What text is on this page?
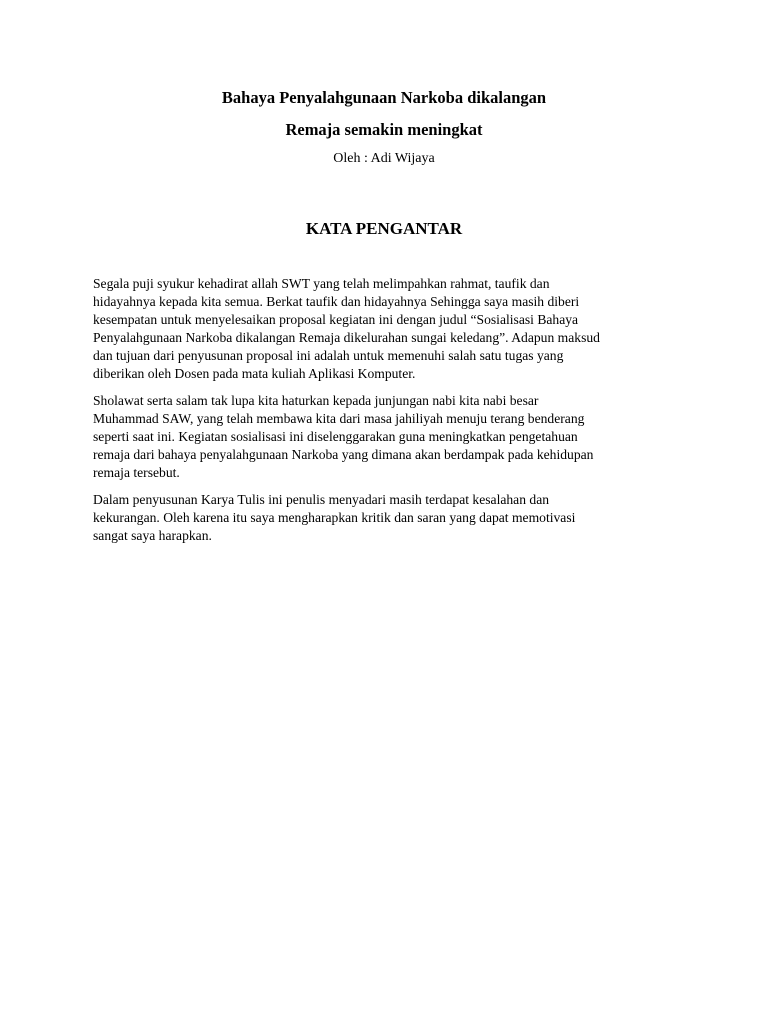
Bahaya Penyalahgunaan Narkoba dikalangan
Remaja semakin meningkat
Oleh : Adi Wijaya
KATA PENGANTAR

Segala puji syukur kehadirat allah SWT yang telah melimpahkan rahmat, taufik dan
hidayahnya kepada kita semua. Berkat taufik dan hidayahnya Sehingga saya masih diberi
kesempatan untuk menyelesaikan proposal kegiatan ini dengan judul “Sosialisasi Bahaya
Penyalahgunaan Narkoba dikalangan Remaja dikelurahan sungai keledang”. Adapun maksud
dan tujuan dari penyusunan proposal ini adalah untuk memenuhi salah satu tugas yang
diberikan oleh Dosen pada mata kuliah Aplikasi Komputer.

Sholawat serta salam tak lupa kita haturkan kepada junjungan nabi kita nabi besar
Muhammad SAW, yang telah membawa kita dari masa jahiliyah menuju terang benderang
seperti saat ini. Kegiatan sosialisasi ini diselenggarakan guna meningkatkan pengetahuan
remaja dari bahaya penyalahgunaan Narkoba yang dimana akan berdampak pada kehidupan
remaja tersebut.

Dalam penyusunan Karya Tulis ini penulis menyadari masih terdapat kesalahan dan
kekurangan. Oleh karena itu saya mengharapkan kritik dan saran yang dapat memotivasi
sangat saya harapkan.
